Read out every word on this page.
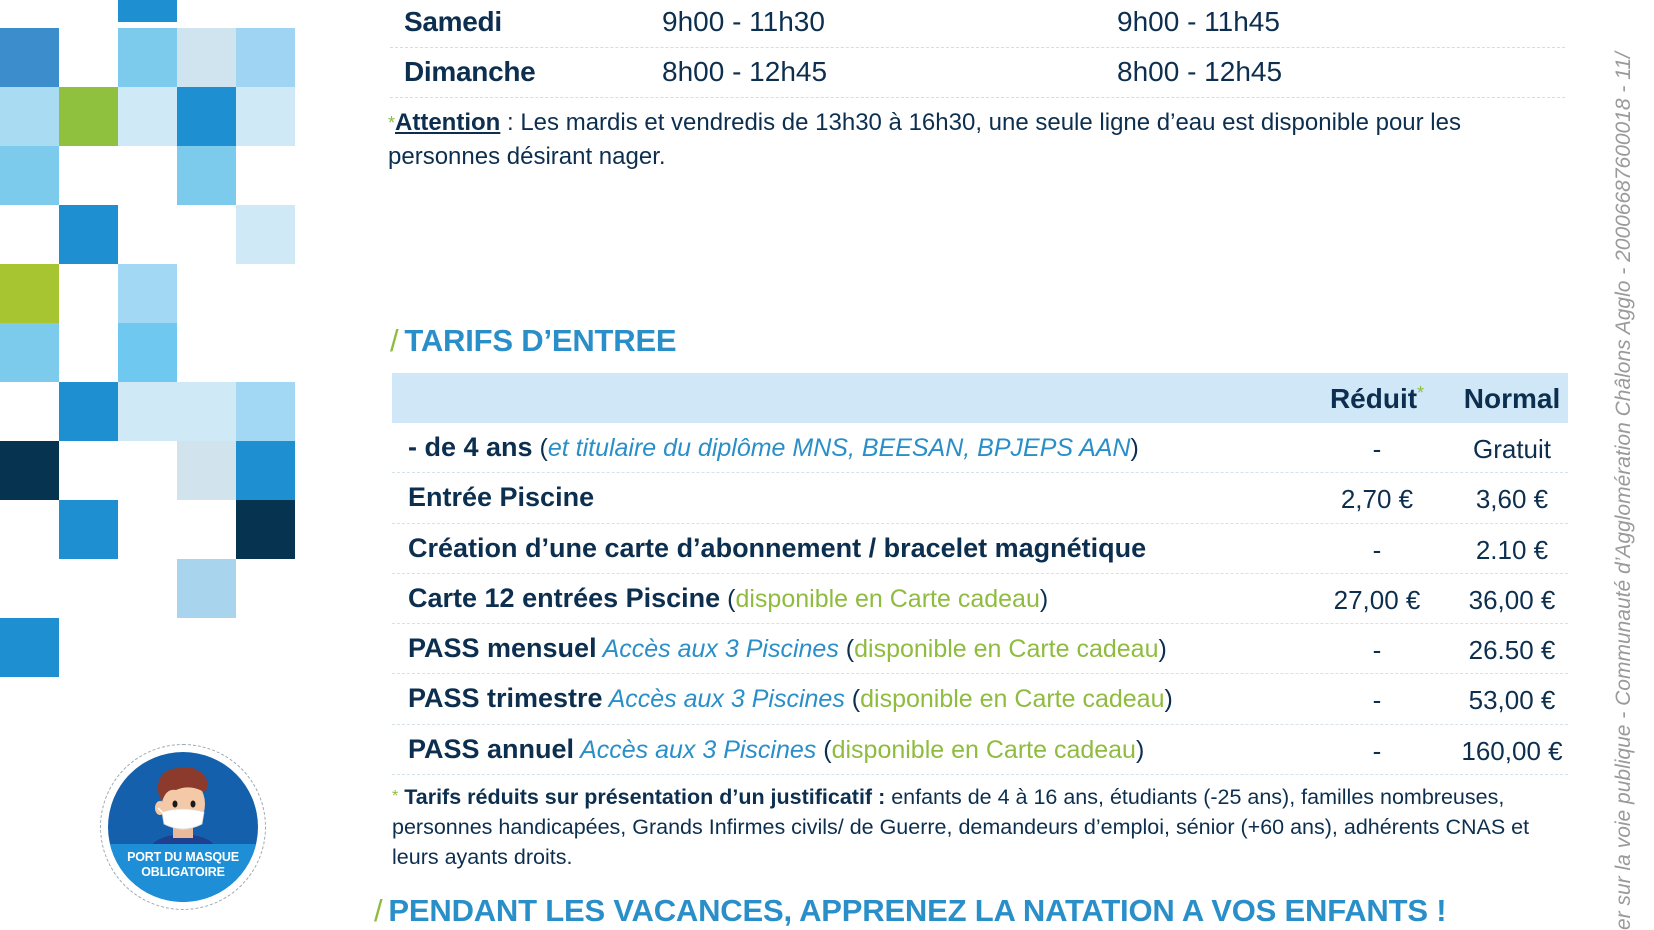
Samedi	9h00 - 11h30	9h00 - 11h45
Dimanche	8h00 - 12h45	8h00 - 12h45

*Attention : Les mardis et vendredis de 13h30 à 16h30, une seule ligne d’eau est disponible pour les personnes désirant nager.

/ TARIFS D’ENTREE
Réduit*	Normal
- de 4 ans (et titulaire du diplôme MNS, BEESAN, BPJEPS AAN)	-	Gratuit
Entrée Piscine	2,70 €	3,60 €
Création d’une carte d’abonnement / bracelet magnétique	-	2.10 €
Carte 12 entrées Piscine (disponible en Carte cadeau)	27,00 €	36,00 €
PASS mensuel Accès aux 3 Piscines (disponible en Carte cadeau)	-	26.50 €
PASS trimestre Accès aux 3 Piscines (disponible en Carte cadeau)	-	53,00 €
PASS annuel Accès aux 3 Piscines (disponible en Carte cadeau)	-	160,00 €

* Tarifs réduits sur présentation d’un justificatif : enfants de 4 à 16 ans, étudiants (-25 ans), familles nombreuses, personnes handicapées, Grands Infirmes civils/ de Guerre, demandeurs d’emploi, sénior (+60 ans), adhérents CNAS et leurs ayants droits.

/ PENDANT LES VACANCES, APPRENEZ LA NATATION A VOS ENFANTS !
PORT DU MASQUE
OBLIGATOIRE	er sur la voie publique - Communauté d’Agglomération Châlons Agglo - 20006687600018 - 11/
